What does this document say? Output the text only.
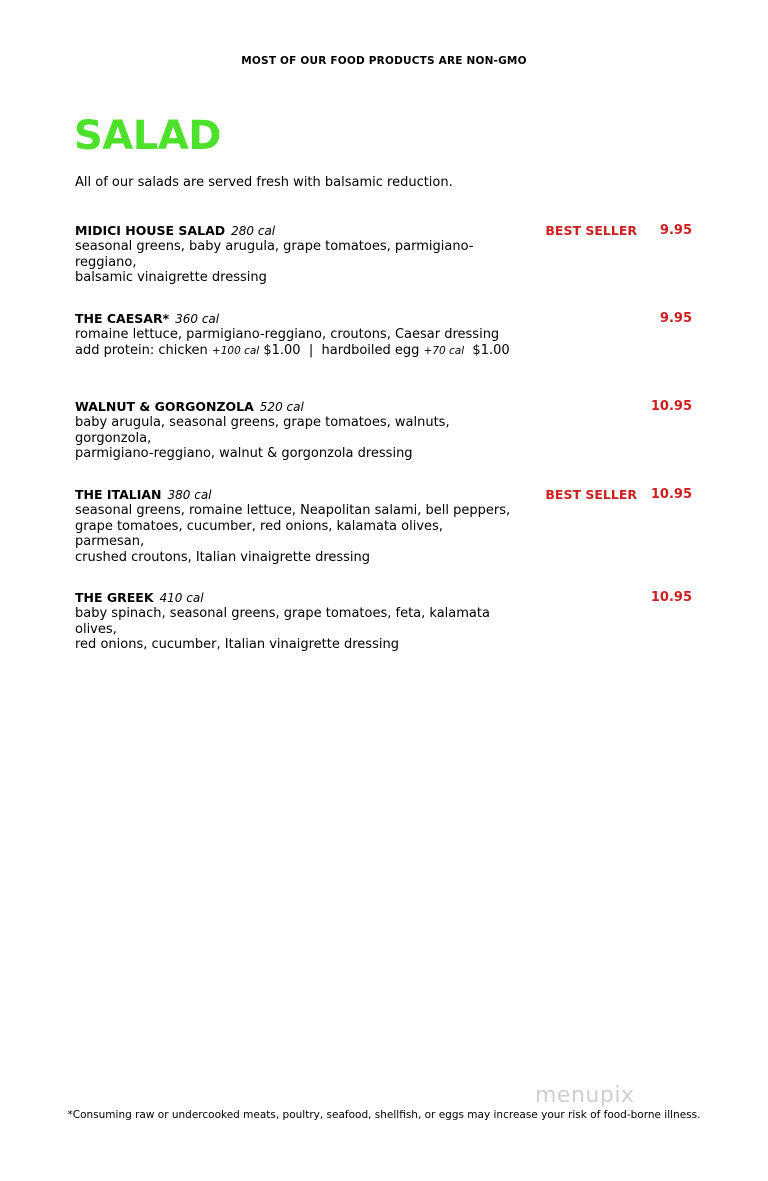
MOST OF OUR FOOD PRODUCTS ARE NON-GMO
SALAD
All of our salads are served fresh with balsamic reduction.
MIDICI HOUSE SALAD 280 cal
seasonal greens, baby arugula, grape tomatoes, parmigiano-reggiano,
balsamic vinaigrette dressing
BEST SELLER 9.95
THE CAESAR* 360 cal
romaine lettuce, parmigiano-reggiano, croutons, Caesar dressing
add protein: chicken +100 cal $1.00  |  hardboiled egg +70 cal  $1.00
9.95
WALNUT & GORGONZOLA 520 cal
baby arugula, seasonal greens, grape tomatoes, walnuts, gorgonzola,
parmigiano-reggiano, walnut & gorgonzola dressing
10.95
THE ITALIAN 380 cal
seasonal greens, romaine lettuce, Neapolitan salami, bell peppers,
grape tomatoes, cucumber, red onions, kalamata olives, parmesan,
crushed croutons, Italian vinaigrette dressing
BEST SELLER 10.95
THE GREEK 410 cal
baby spinach, seasonal greens, grape tomatoes, feta, kalamata olives,
red onions, cucumber, Italian vinaigrette dressing
10.95
menupix
*Consuming raw or undercooked meats, poultry, seafood, shellfish, or eggs may increase your risk of food-borne illness.
